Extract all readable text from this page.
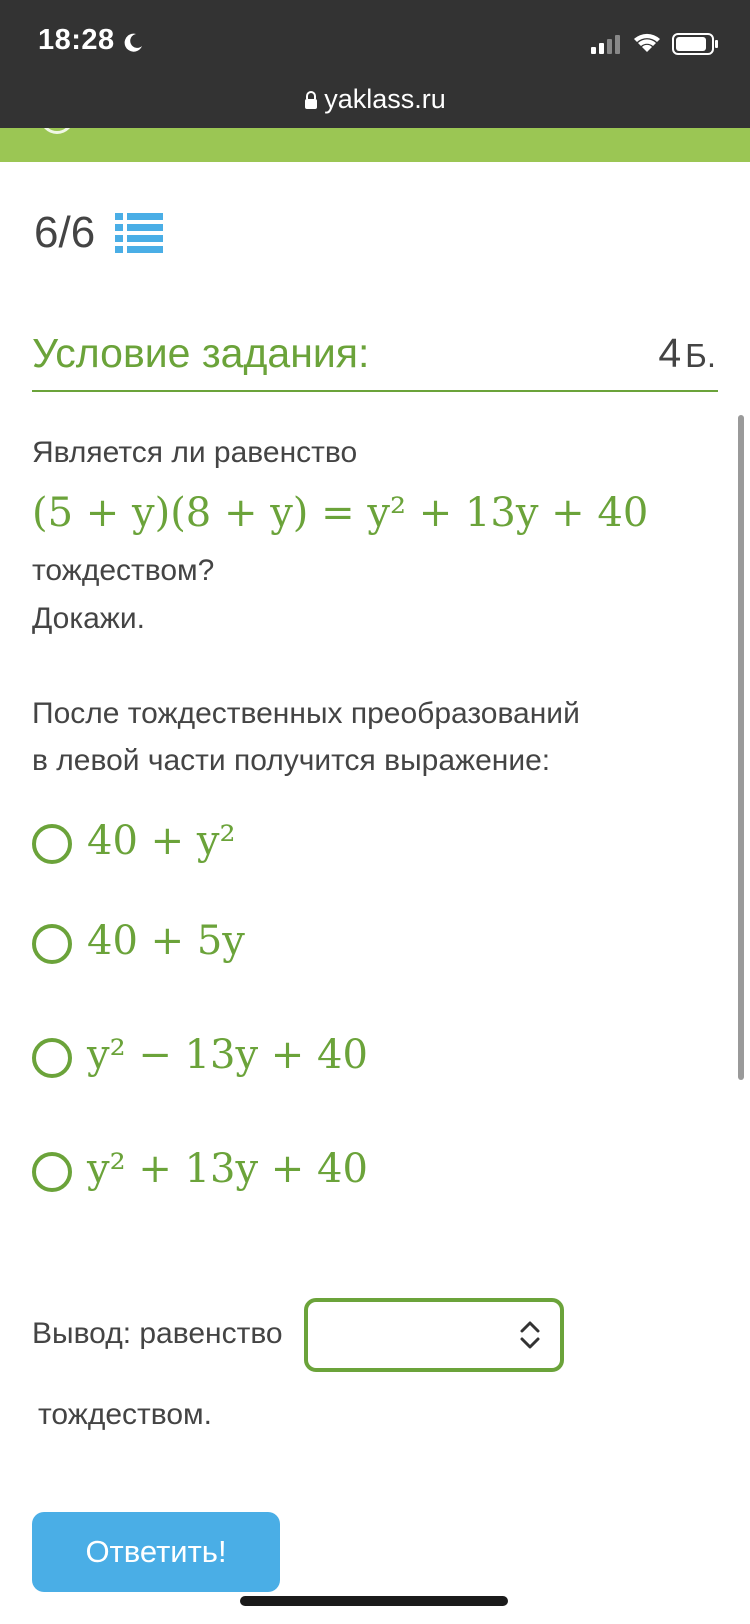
18:28
yaklass.ru
6/6
Условие задания:	4 Б.
Является ли равенство
(5 + y)(8 + y) = y² + 13y + 40
тождеством?
Докажи.
После тождественных преобразований
в левой части получится выражение:
40 + y²
40 + 5y
y² − 13y + 40
y² + 13y + 40
Вывод: равенство
тождеством.
Ответить!
